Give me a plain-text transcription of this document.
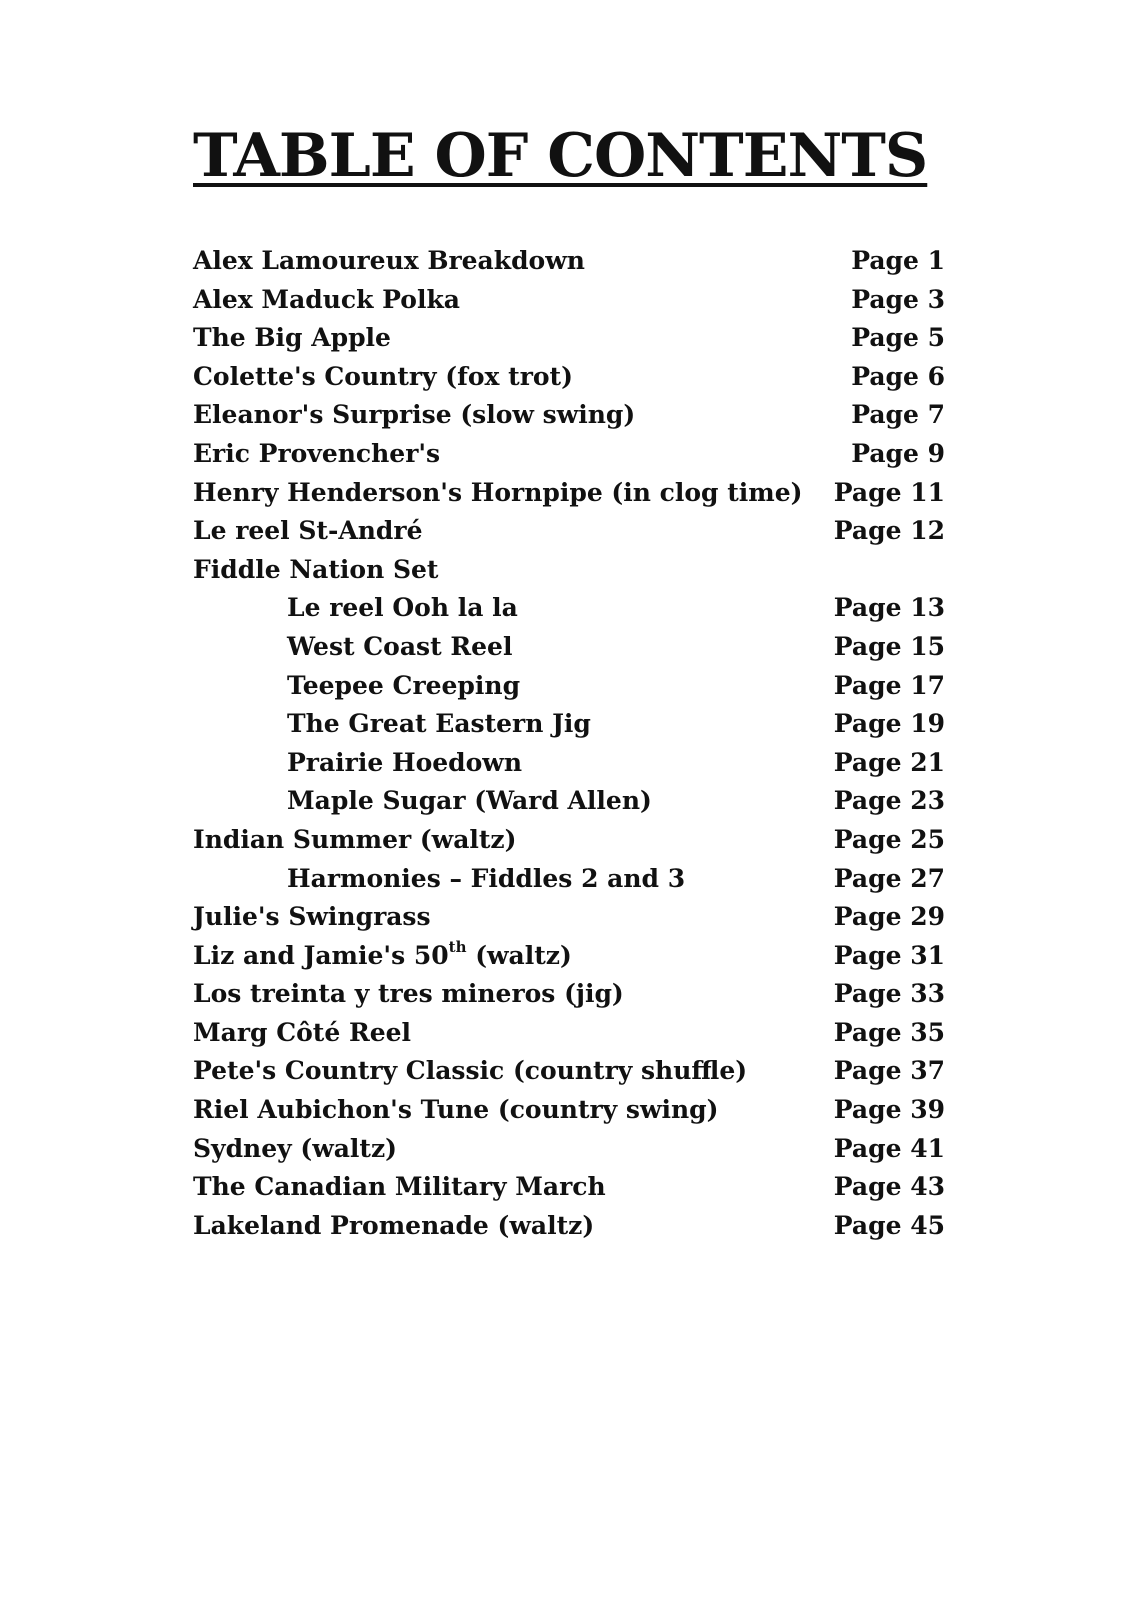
TABLE OF CONTENTS
Alex Lamoureux Breakdown	Page 1
Alex Maduck Polka	Page 3
The Big Apple	Page 5
Colette's Country (fox trot)	Page 6
Eleanor's Surprise (slow swing)	Page 7
Eric Provencher's	Page 9
Henry Henderson's Hornpipe (in clog time) Page 11
Le reel St-André	Page 12
Fiddle Nation Set
Le reel Ooh la la	Page 13
West Coast Reel	Page 15
Teepee Creeping	Page 17
The Great Eastern Jig	Page 19
Prairie Hoedown	Page 21
Maple Sugar (Ward Allen)	Page 23
Indian Summer (waltz)	Page 25
Harmonies – Fiddles 2 and 3	Page 27
Julie's Swingrass	Page 29
Liz and Jamie's 50th (waltz)	Page 31
Los treinta y tres mineros (jig)	Page 33
Marg Côté Reel	Page 35
Pete's Country Classic (country shuffle)	Page 37
Riel Aubichon's Tune (country swing)	Page 39
Sydney (waltz)	Page 41
The Canadian Military March	Page 43
Lakeland Promenade (waltz)	Page 45
